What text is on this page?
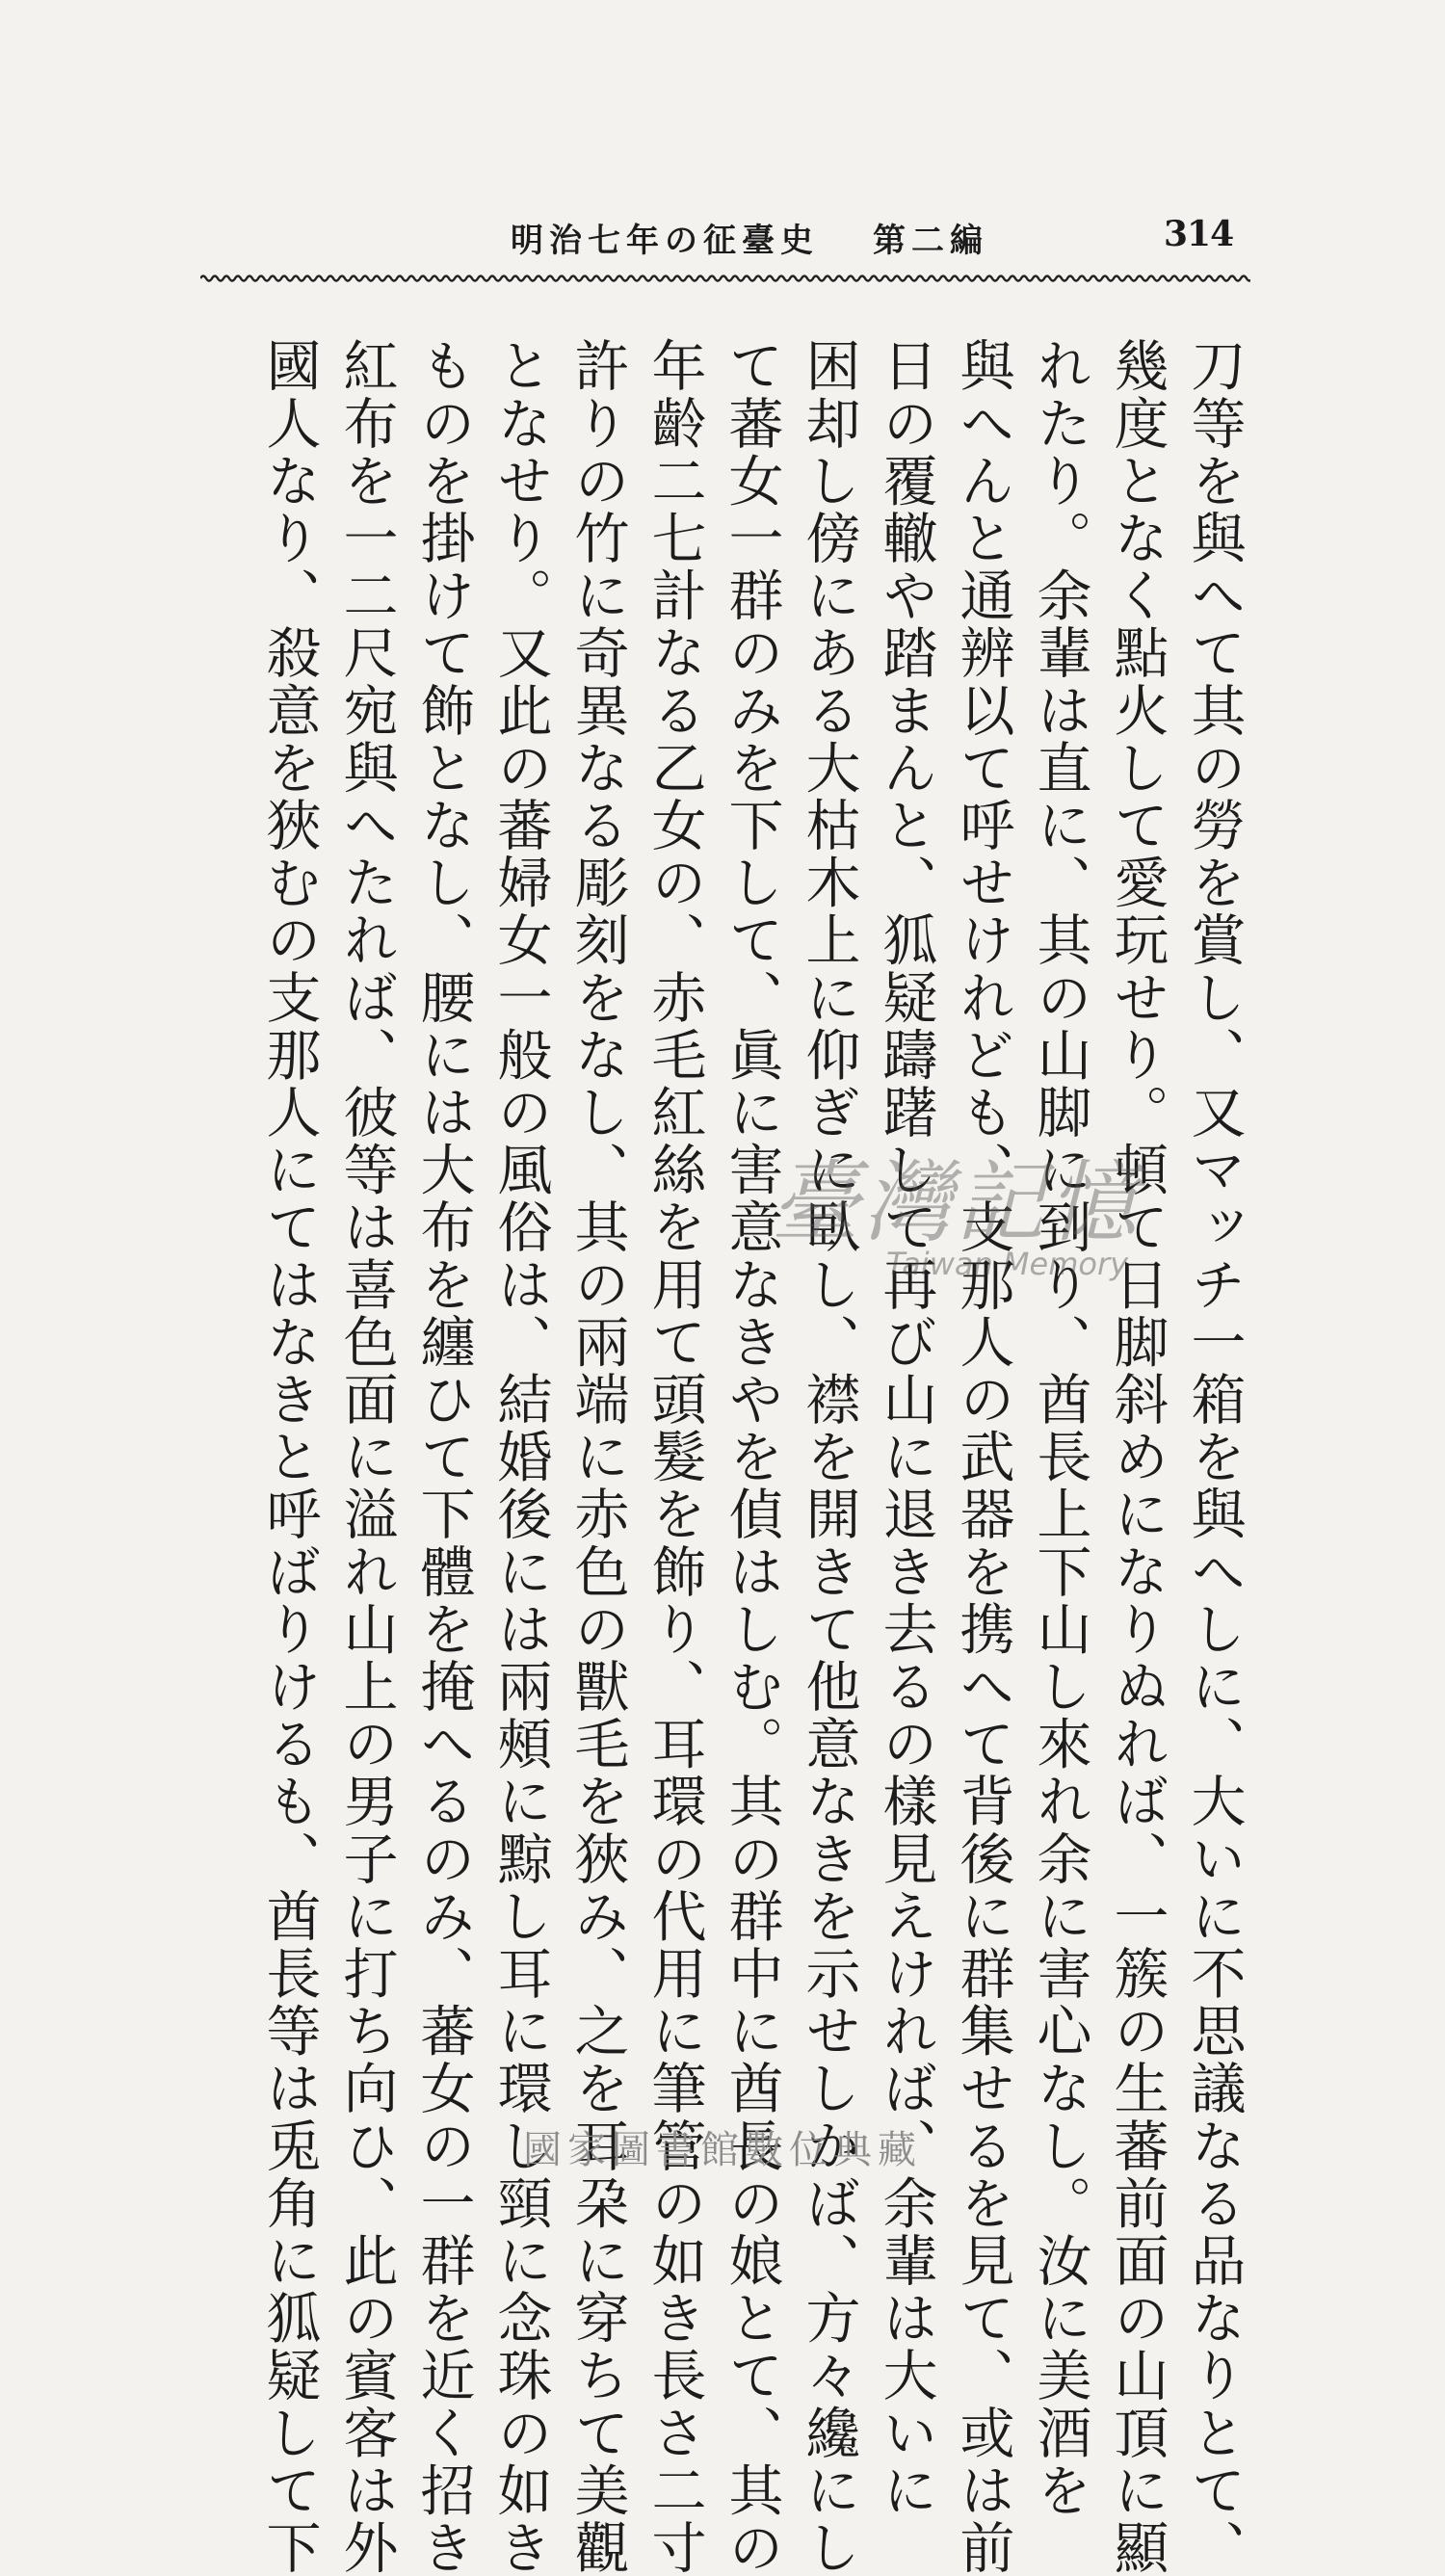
314
第二編明治七年の征臺史
刀等を與へて其の勞を賞し、又マッチ一箱を與へしに、大いに不思議なる品なりとて、
幾度となく點火して愛玩せり。頓て日脚斜めになりぬれば、一簇の生蕃前面の山頂に顯
れたり。余輩は直に、其の山脚に到り、酋長上下山し來れ余に害心なし。汝に美酒を
與へんと通辨以て呼せけれども、支那人の武器を携へて背後に群集せるを見て、或は前
日の覆轍や踏まんと、狐疑躊躇して再び山に退き去るの樣見えければ、余輩は大いに
困却し傍にある大枯木上に仰ぎに臥し、襟を開きて他意なきを示せしかば、方々纔にし
て蕃女一群のみを下して、眞に害意なきやを偵はしむ。其の群中に酋長の娘とて、其の
年齡二七計なる乙女の、赤毛紅絲を用て頭髮を飾り、耳環の代用に筆管の如き長さ二寸
許りの竹に奇異なる彫刻をなし、其の兩端に赤色の獸毛を狹み、之を耳朶に穿ちて美觀
となせり。又此の蕃婦女一般の風俗は、結婚後には兩頰に黥し耳に環し頸に念珠の如き
ものを掛けて飾となし、腰には大布を纏ひて下體を掩へるのみ、蕃女の一群を近く招き
紅布を一二尺宛與へたれば、彼等は喜色面に溢れ山上の男子に打ち向ひ、此の賓客は外
國人なり、殺意を狹むの支那人にてはなきと呼ばりけるも、酋長等は兎角に狐疑して下	臺灣記憶
Taiwan Memory
國家圖書館數位典藏
